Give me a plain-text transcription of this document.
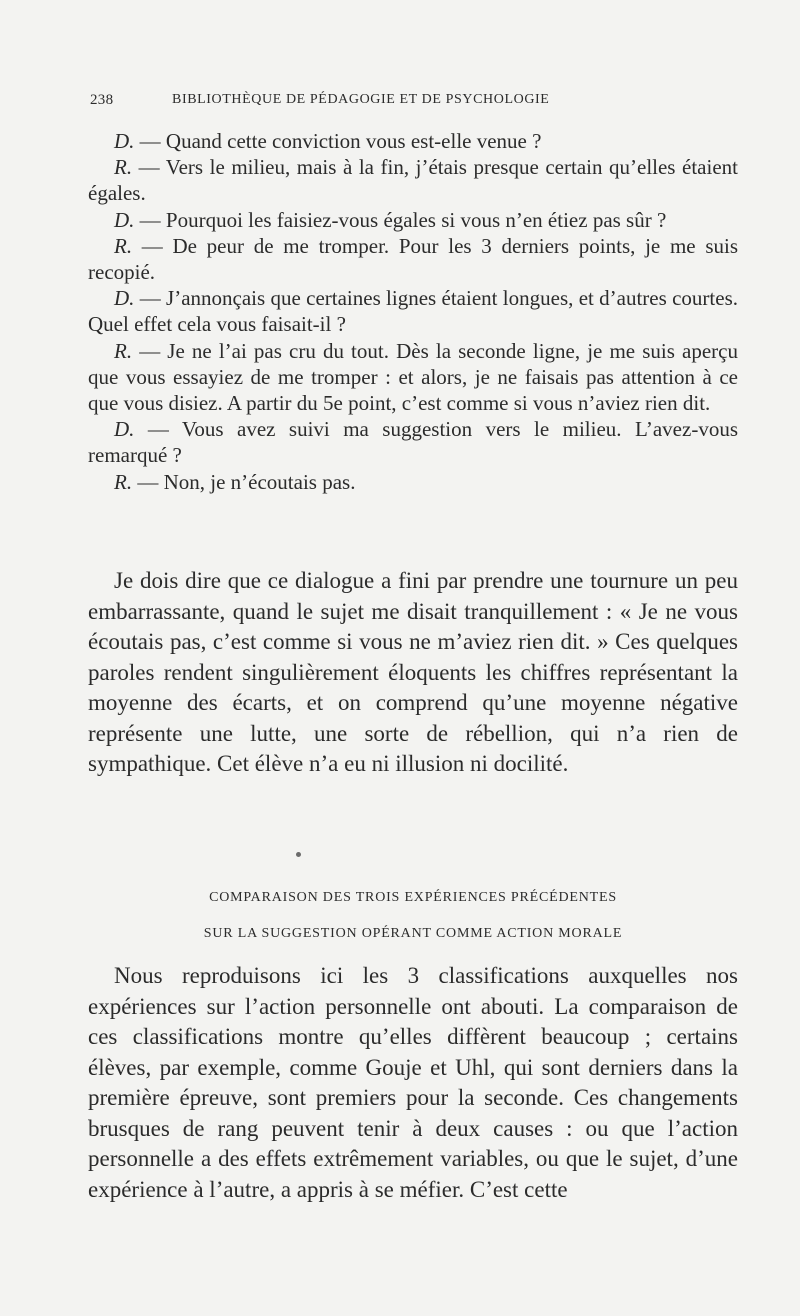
238	BIBLIOTHÈQUE DE PÉDAGOGIE ET DE PSYCHOLOGIE

D. — Quand cette conviction vous est-elle venue ?

R. — Vers le milieu, mais à la fin, j’étais presque certain qu’elles étaient égales.

D. — Pourquoi les faisiez-vous égales si vous n’en étiez pas sûr ?

R. — De peur de me tromper. Pour les 3 derniers points, je me suis recopié.

D. — J’annonçais que certaines lignes étaient longues, et d’autres courtes. Quel effet cela vous faisait-il ?

R. — Je ne l’ai pas cru du tout. Dès la seconde ligne, je me suis aperçu que vous essayiez de me tromper : et alors, je ne faisais pas attention à ce que vous disiez. A partir du 5e point, c’est comme si vous n’aviez rien dit.

D. — Vous avez suivi ma suggestion vers le milieu. L’avez-vous remarqué ?

R. — Non, je n’écoutais pas.

Je dois dire que ce dialogue a fini par prendre une tournure un peu embarrassante, quand le sujet me disait tranquillement : « Je ne vous écoutais pas, c’est comme si vous ne m’aviez rien dit. » Ces quelques paroles rendent singulièrement éloquents les chiffres représentant la moyenne des écarts, et on comprend qu’une moyenne négative représente une lutte, une sorte de rébellion, qui n’a rien de sympathique. Cet élève n’a eu ni illusion ni docilité.

COMPARAISON DES TROIS EXPÉRIENCES PRÉCÉDENTES
SUR LA SUGGESTION OPÉRANT COMME ACTION MORALE

Nous reproduisons ici les 3 classifications auxquelles nos expériences sur l’action personnelle ont abouti. La comparaison de ces classifications montre qu’elles diffèrent beaucoup ; certains élèves, par exemple, comme Gouje et Uhl, qui sont derniers dans la première épreuve, sont premiers pour la seconde. Ces changements brusques de rang peuvent tenir à deux causes : ou que l’action personnelle a des effets extrêmement variables, ou que le sujet, d’une expérience à l’autre, a appris à se méfier. C’est cette
